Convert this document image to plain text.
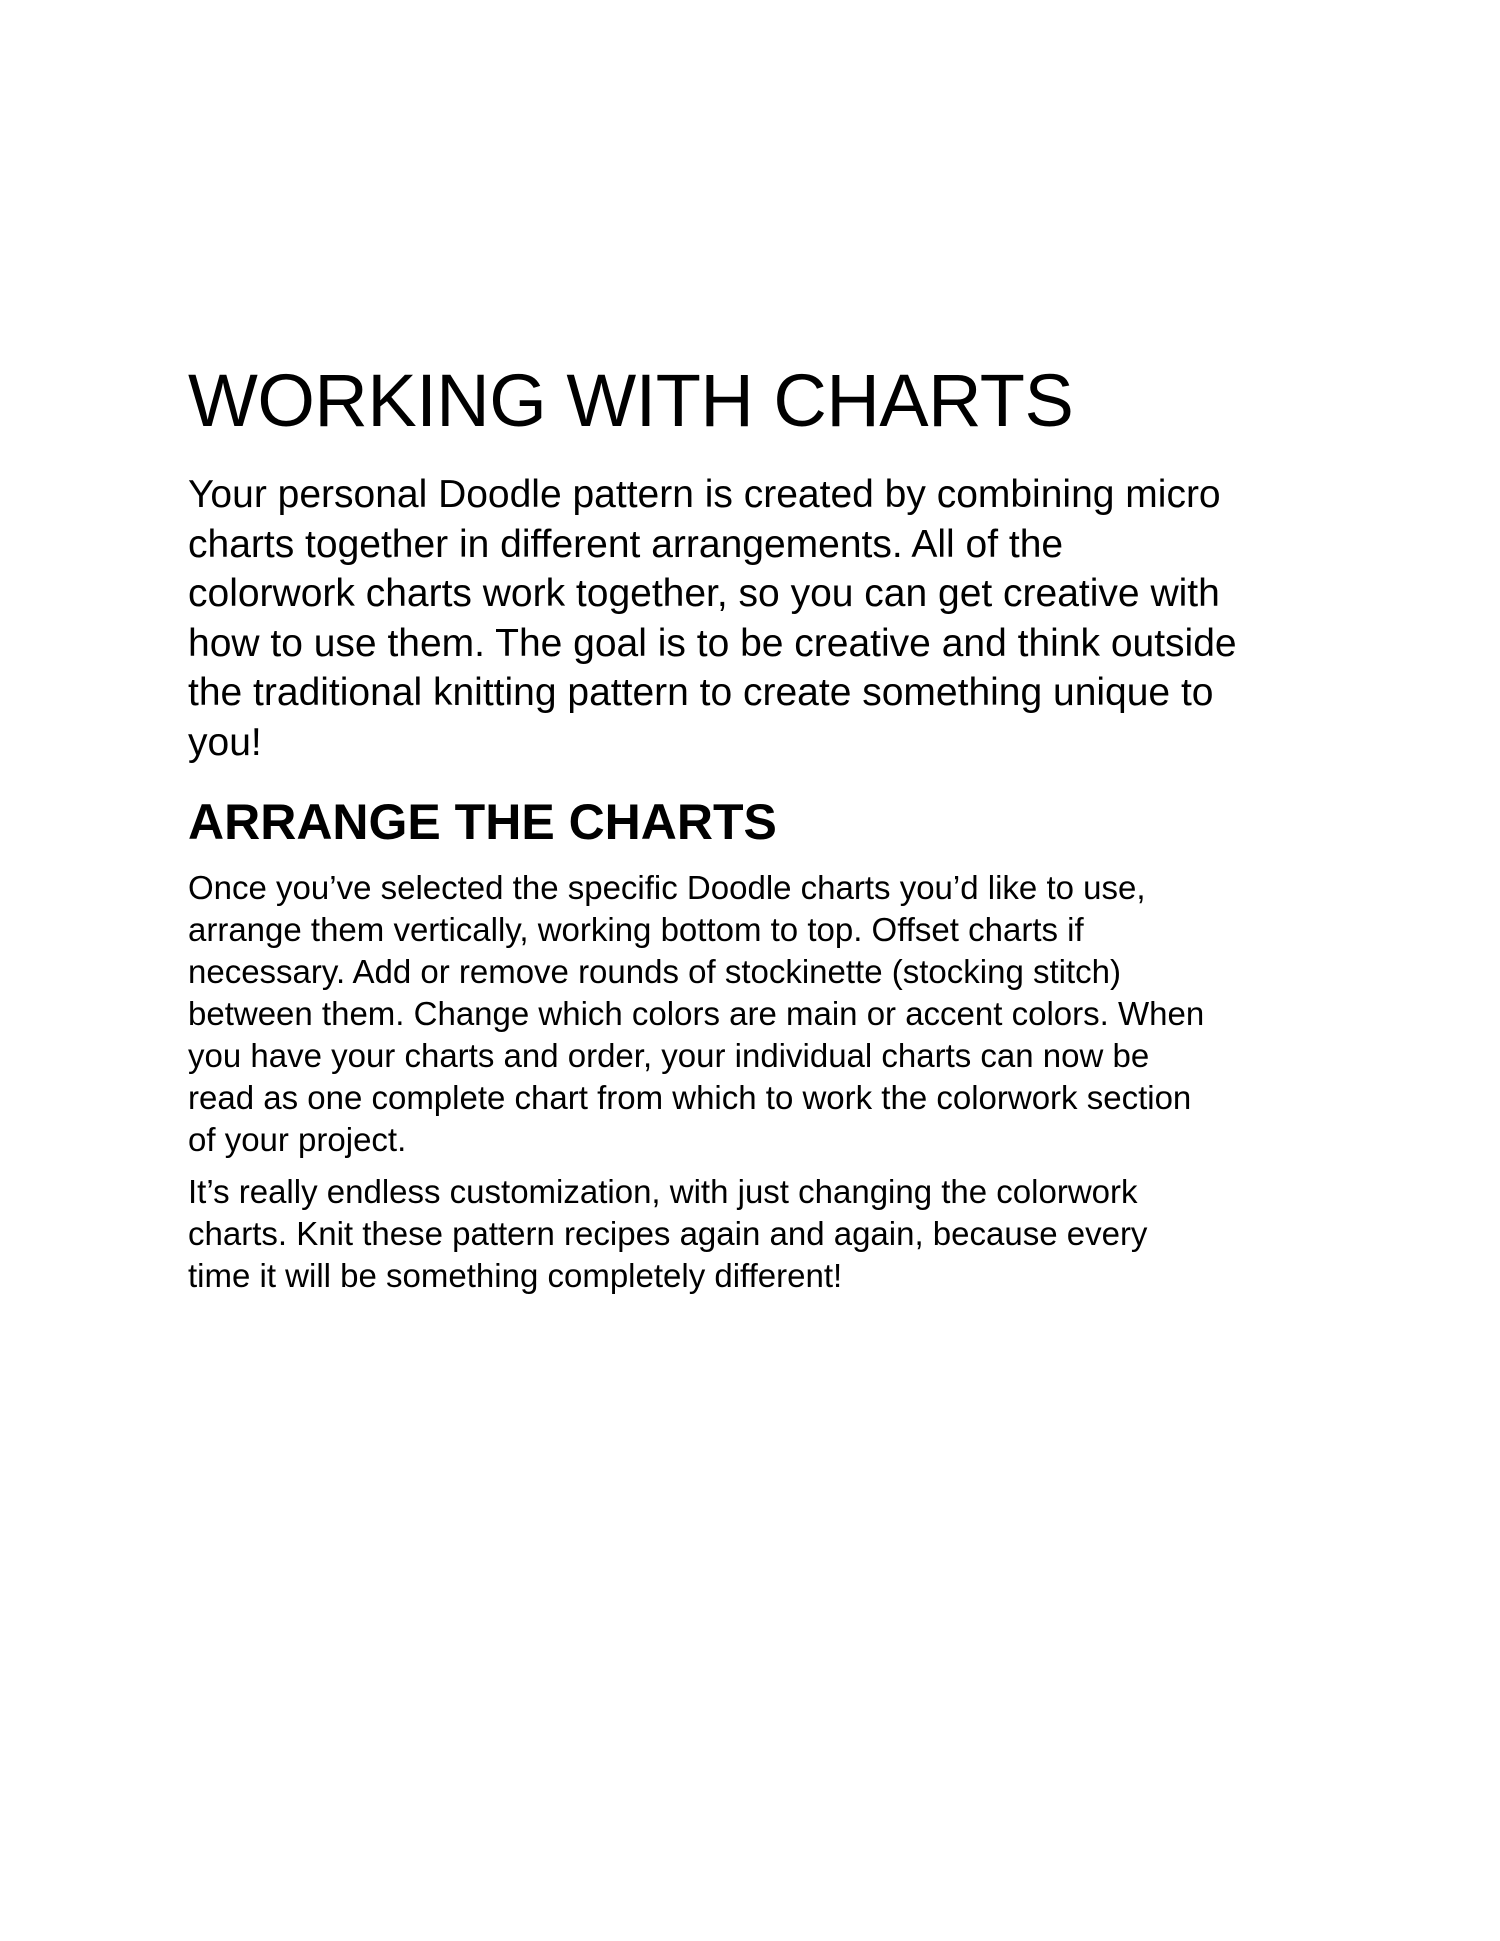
WORKING WITH CHARTS

Your personal Doodle pattern is created by combining micro
charts together in different arrangements. All of the
colorwork charts work together, so you can get creative with
how to use them. The goal is to be creative and think outside
the traditional knitting pattern to create something unique to
you!

ARRANGE THE CHARTS

Once you’ve selected the specific Doodle charts you’d like to use,
arrange them vertically, working bottom to top. Offset charts if
necessary. Add or remove rounds of stockinette (stocking stitch)
between them. Change which colors are main or accent colors. When
you have your charts and order, your individual charts can now be
read as one complete chart from which to work the colorwork section
of your project.

It’s really endless customization, with just changing the colorwork
charts. Knit these pattern recipes again and again, because every
time it will be something completely different!
